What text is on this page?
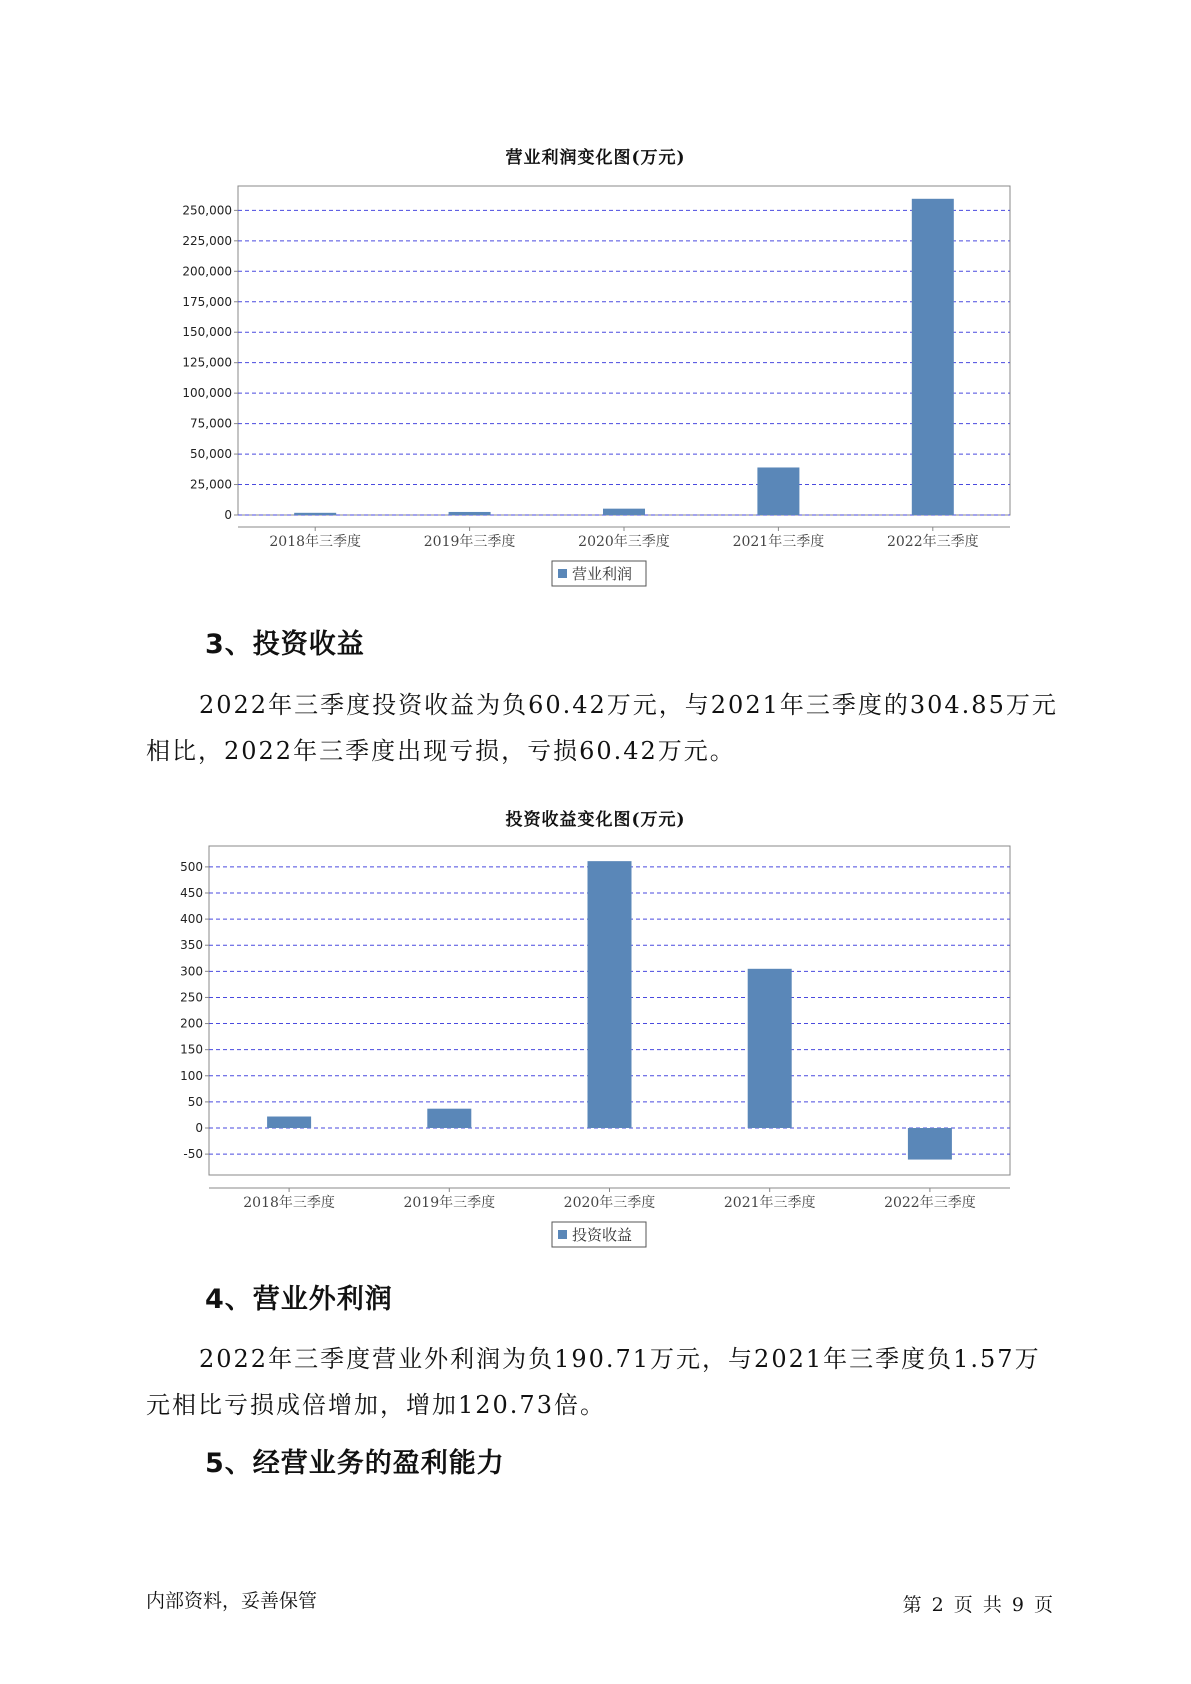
营业利润变化图(万元)
0
25,000
50,000
75,000
100,000
125,000
150,000
175,000
200,000
225,000
250,000
2018年三季度	2019年三季度	2020年三季度	2021年三季度	2022年三季度
营业利润
3、投资收益
2022年三季度投资收益为负60.42万元，与2021年三季度的304.85万元
相比，2022年三季度出现亏损，亏损60.42万元。
投资收益变化图(万元)
-50
0
50
100
150
200
250
300
350
400
450
500
2018年三季度	2019年三季度	2020年三季度	2021年三季度	2022年三季度
投资收益
4、营业外利润
2022年三季度营业外利润为负190.71万元，与2021年三季度负1.57万
元相比亏损成倍增加，增加120.73倍。
5、经营业务的盈利能力
内部资料，妥善保管	第 2 页 共 9 页
